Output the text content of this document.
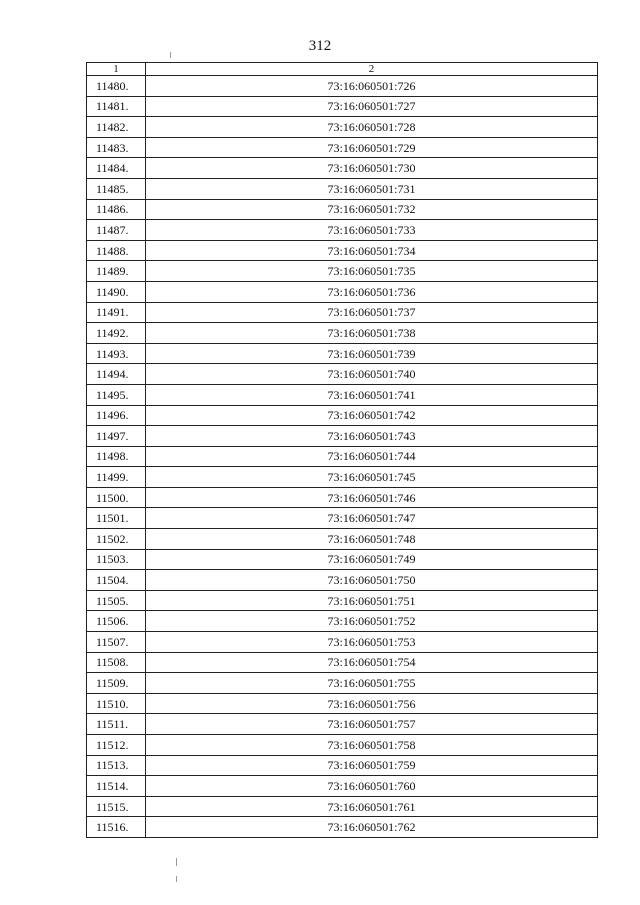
312
1	2
11480.	73:16:060501:726
11481.	73:16:060501:727
11482.	73:16:060501:728
11483.	73:16:060501:729
11484.	73:16:060501:730
11485.	73:16:060501:731
11486.	73:16:060501:732
11487.	73:16:060501:733
11488.	73:16:060501:734
11489.	73:16:060501:735
11490.	73:16:060501:736
11491.	73:16:060501:737
11492.	73:16:060501:738
11493.	73:16:060501:739
11494.	73:16:060501:740
11495.	73:16:060501:741
11496.	73:16:060501:742
11497.	73:16:060501:743
11498.	73:16:060501:744
11499.	73:16:060501:745
11500.	73:16:060501:746
11501.	73:16:060501:747
11502.	73:16:060501:748
11503.	73:16:060501:749
11504.	73:16:060501:750
11505.	73:16:060501:751
11506.	73:16:060501:752
11507.	73:16:060501:753
11508.	73:16:060501:754
11509.	73:16:060501:755
11510.	73:16:060501:756
11511.	73:16:060501:757
11512.	73:16:060501:758
11513.	73:16:060501:759
11514.	73:16:060501:760
11515.	73:16:060501:761
11516.	73:16:060501:762
